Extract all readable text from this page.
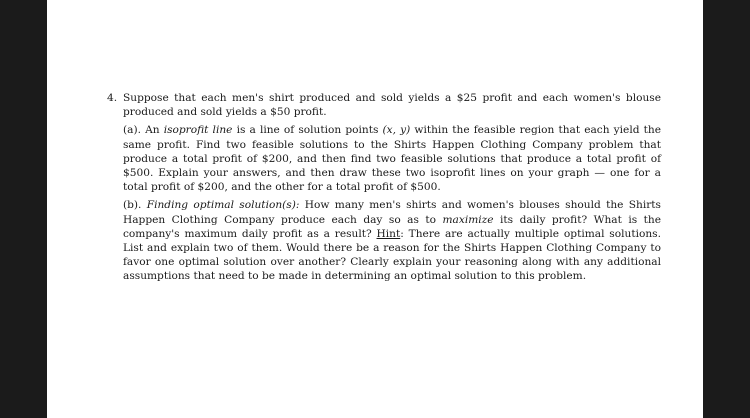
4. Suppose that each men's shirt produced and sold yields a $25 profit and each women's blouse produced and sold yields a $50 profit.

(a). An isoprofit line is a line of solution points (x, y) within the feasible region that each yield the same profit. Find two feasible solutions to the Shirts Happen Clothing Company problem that produce a total profit of $200, and then find two feasible solutions that produce a total profit of $500. Explain your answers, and then draw these two isoprofit lines on your graph — one for a total profit of $200, and the other for a total profit of $500.

(b). Finding optimal solution(s): How many men's shirts and women's blouses should the Shirts Happen Clothing Company produce each day so as to maximize its daily profit? What is the company's maximum daily profit as a result? Hint: There are actually multiple optimal solutions. List and explain two of them. Would there be a reason for the Shirts Happen Clothing Company to favor one optimal solution over another? Clearly explain your reasoning along with any additional assumptions that need to be made in determining an optimal solution to this problem.
